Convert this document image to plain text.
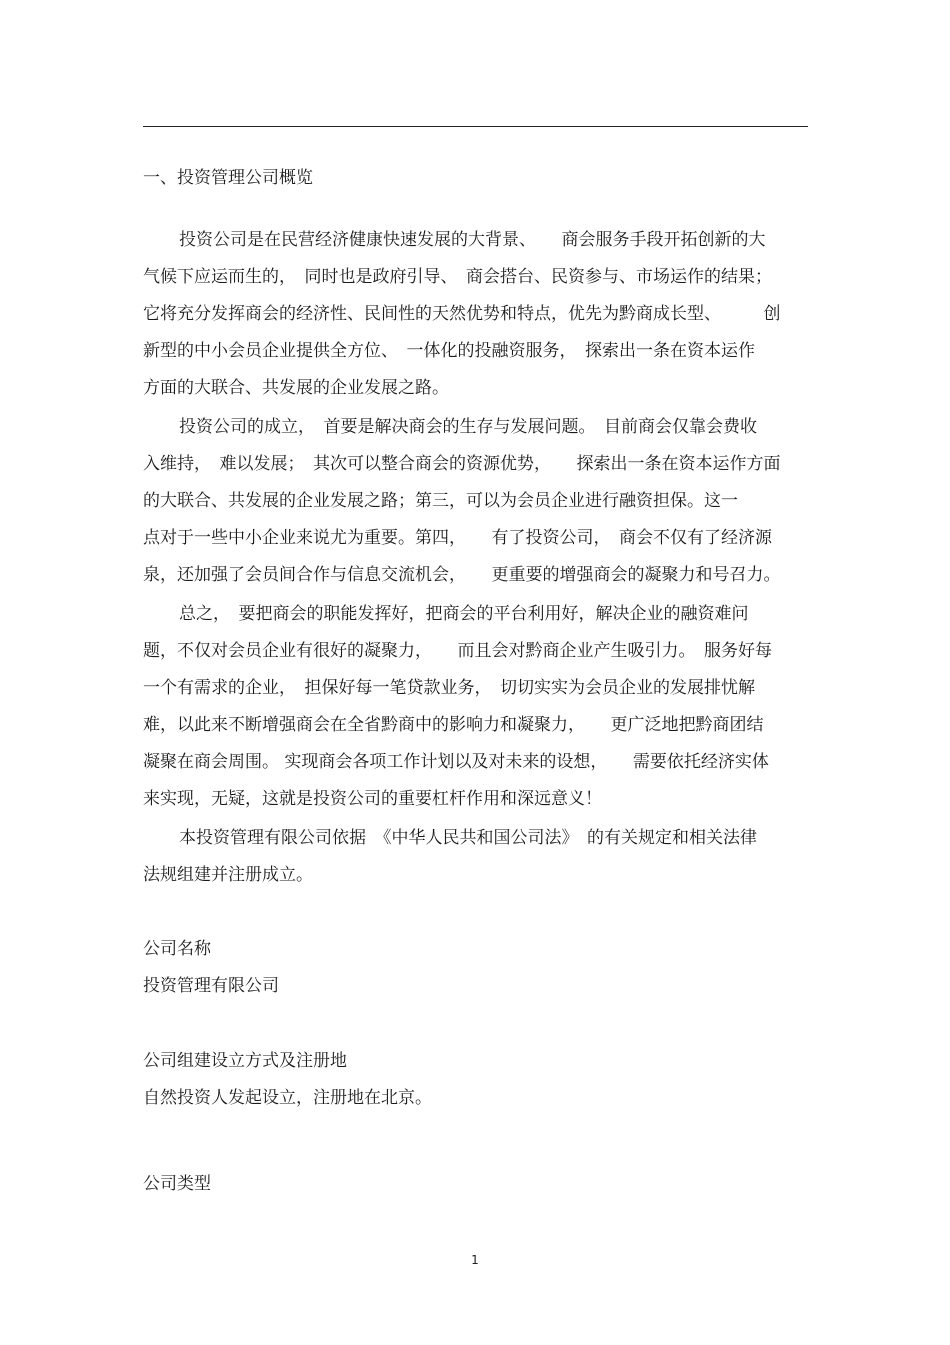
一、投资管理公司概览
投资公司是在民营经济健康快速发展的大背景、　　商会服务手段开拓创新的大
气候下应运而生的，　同时也是政府引导、　商会搭台、民资参与、市场运作的结果；
它将充分发挥商会的经济性、民间性的天然优势和特点，优先为黔商成长型、　　　创
新型的中小会员企业提供全方位、　一体化的投融资服务，　探索出一条在资本运作
方面的大联合、共发展的企业发展之路。
投资公司的成立，　首要是解决商会的生存与发展问题。　目前商会仅靠会费收
入维持，　难以发展；　其次可以整合商会的资源优势，　　探索出一条在资本运作方面
的大联合、共发展的企业发展之路；第三，可以为会员企业进行融资担保。这一
点对于一些中小企业来说尤为重要。第四，　　有了投资公司，　商会不仅有了经济源
泉，还加强了会员间合作与信息交流机会，　　更重要的增强商会的凝聚力和号召力。
总之，　要把商会的职能发挥好，把商会的平台利用好，解决企业的融资难问
题，不仅对会员企业有很好的凝聚力，　　而且会对黔商企业产生吸引力。　服务好每
一个有需求的企业，　担保好每一笔贷款业务，　切切实实为会员企业的发展排忧解
难，以此来不断增强商会在全省黔商中的影响力和凝聚力，　　更广泛地把黔商团结
凝聚在商会周围。 实现商会各项工作计划以及对未来的设想，　　需要依托经济实体
来实现，无疑，这就是投资公司的重要杠杆作用和深远意义！
本投资管理有限公司依据　《中华人民共和国公司法》　的有关规定和相关法律
法规组建并注册成立。
公司名称
投资管理有限公司
公司组建设立方式及注册地
自然投资人发起设立，注册地在北京。
公司类型
1
